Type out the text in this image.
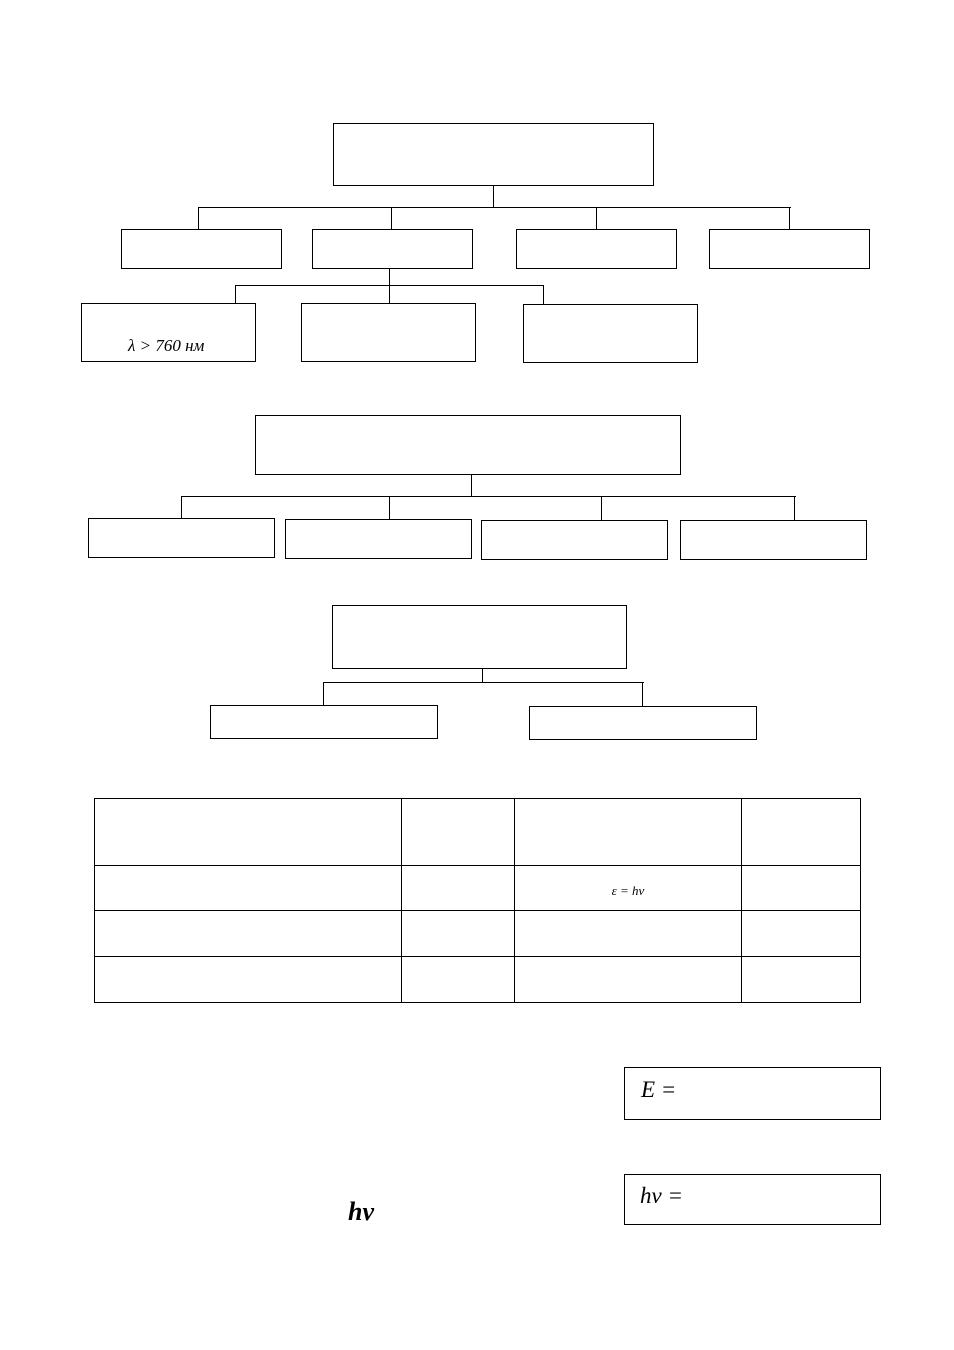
λ > 760 нм

		ε = hν	

E =
hν =
hν
